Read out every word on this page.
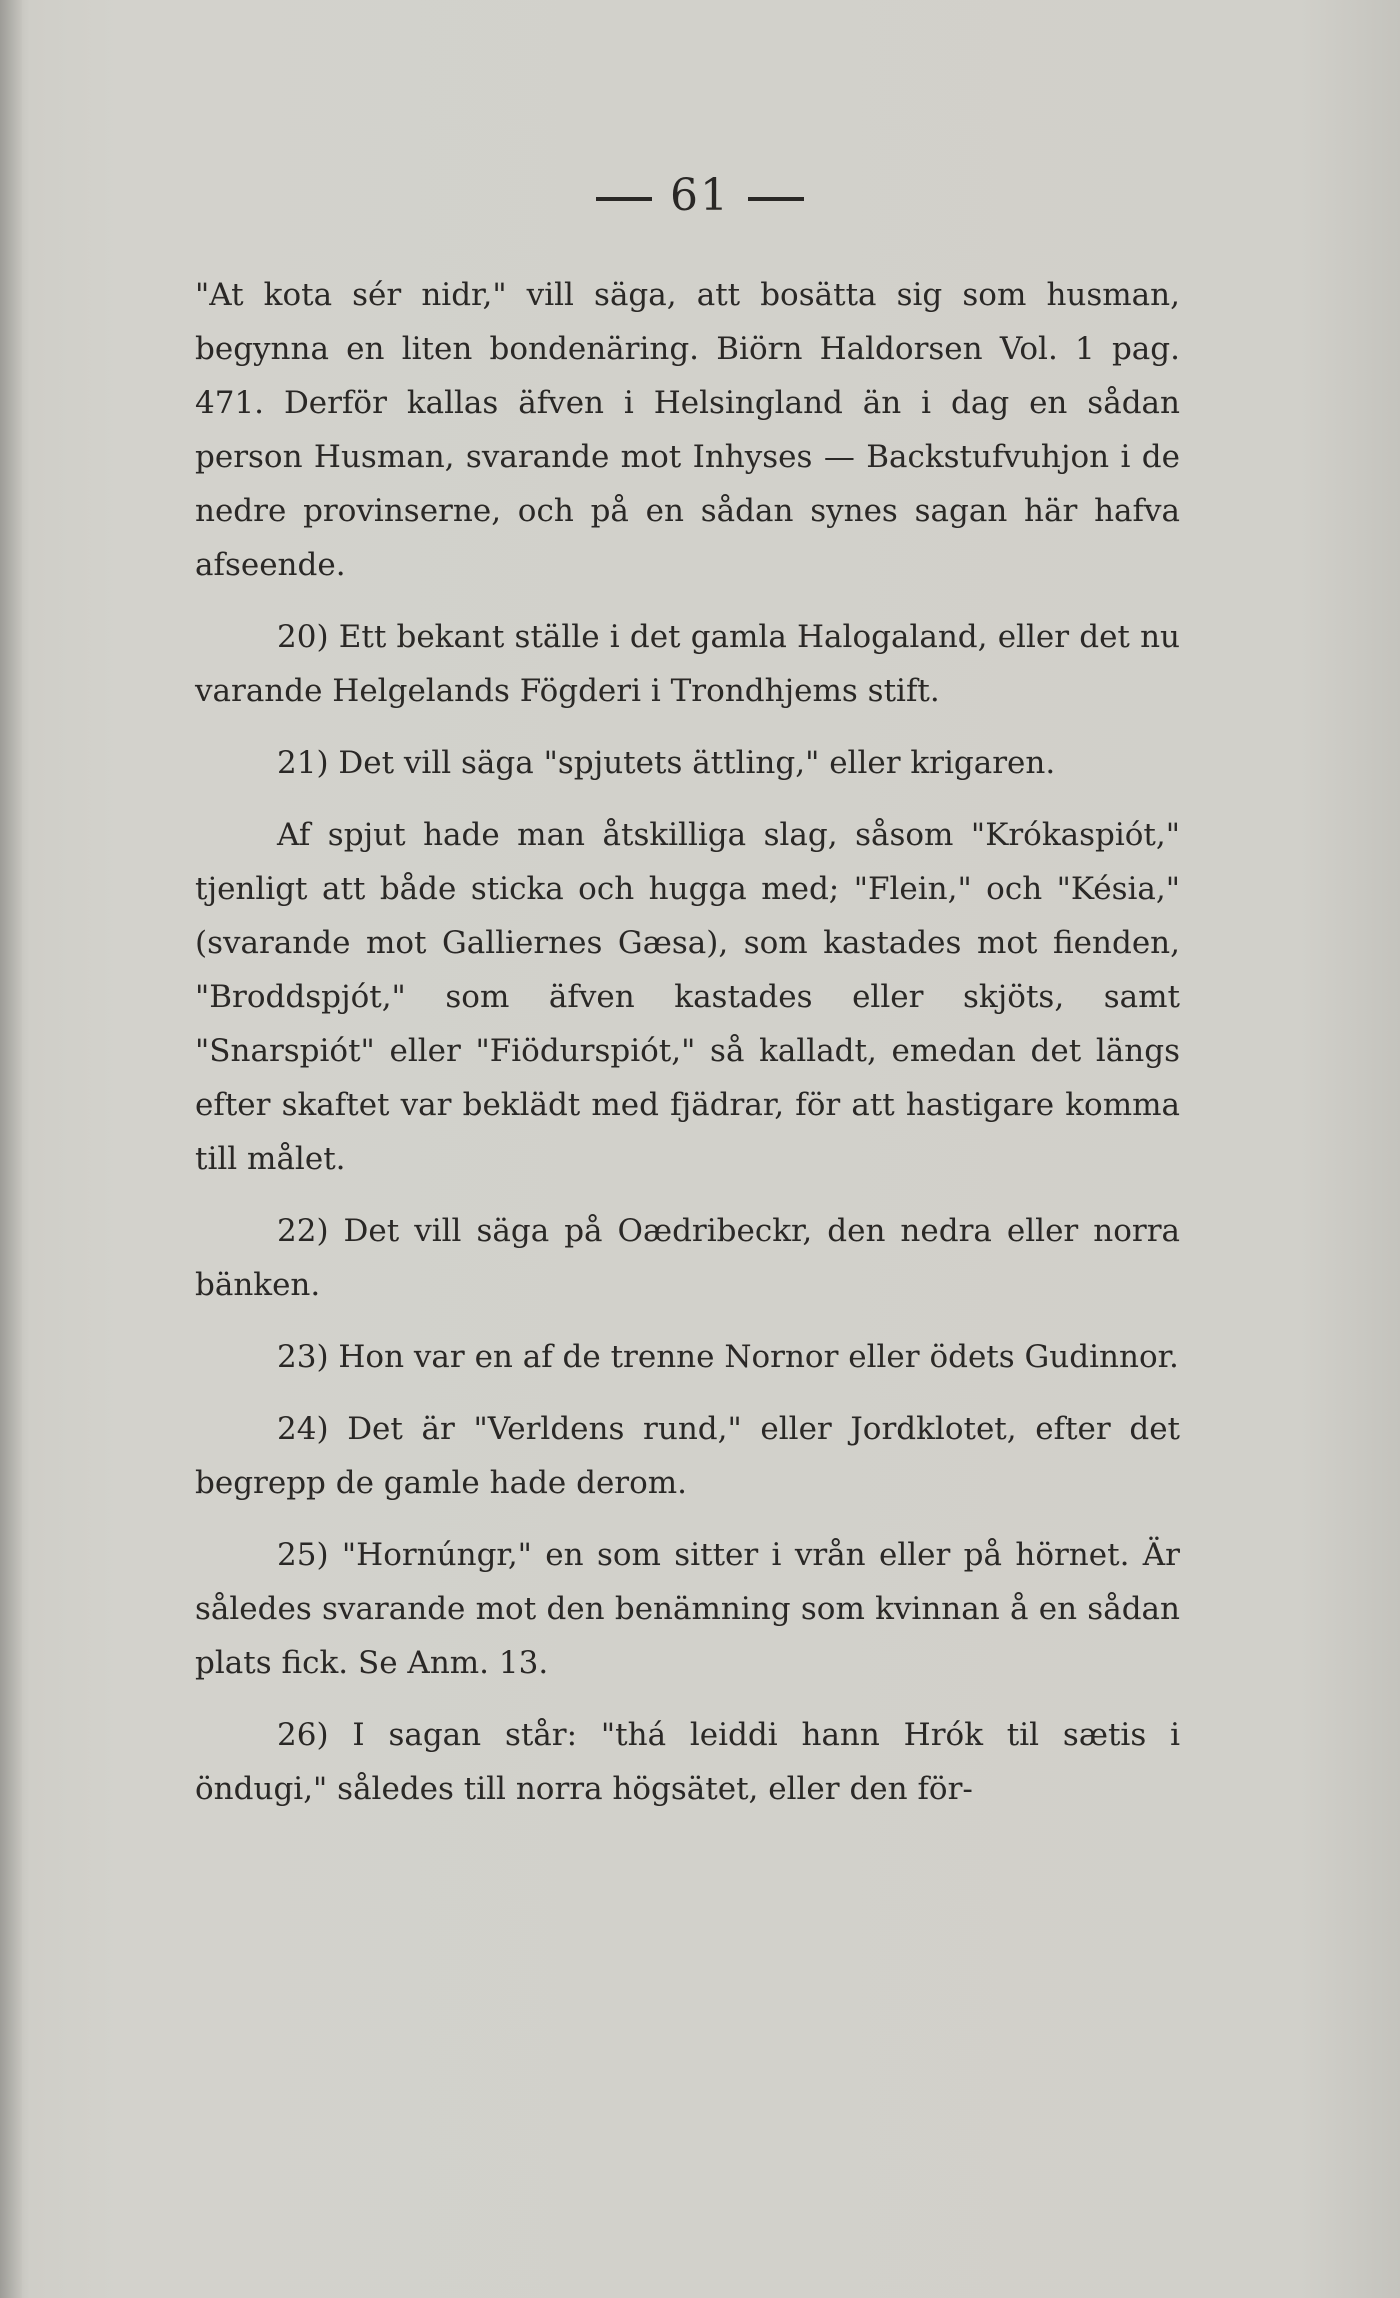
61

"At kota sér nidr," vill säga, att bosätta sig som husman, begynna en liten bondenäring. Biörn Haldorsen Vol. 1 pag. 471. Derför kallas äfven i Helsingland än i dag en sådan person Husman, svarande mot Inhyses — Backstufvuhjon i de nedre provinserne, och på en sådan synes sagan här hafva afseende.

20) Ett bekant ställe i det gamla Halogaland, eller det nu varande Helgelands Fögderi i Trondhjems stift.

21) Det vill säga "spjutets ättling," eller krigaren.

Af spjut hade man åtskilliga slag, såsom "Krókaspiót," tjenligt att både sticka och hugga med; "Flein," och "Késia," (svarande mot Galliernes Gæsa), som kastades mot fienden, "Broddspjót," som äfven kastades eller skjöts, samt "Snarspiót" eller "Fiödurspiót," så kalladt, emedan det längs efter skaftet var beklädt med fjädrar, för att hastigare komma till målet.

22) Det vill säga på Oædribeckr, den nedra eller norra bänken.

23) Hon var en af de trenne Nornor eller ödets Gudinnor.

24) Det är "Verldens rund," eller Jordklotet, efter det begrepp de gamle hade derom.

25) "Hornúngr," en som sitter i vrån eller på hörnet. Är således svarande mot den benämning som kvinnan å en sådan plats fick. Se Anm. 13.

26) I sagan står: "thá leiddi hann Hrók til sætis i öndugi," således till norra högsätet, eller den för-
